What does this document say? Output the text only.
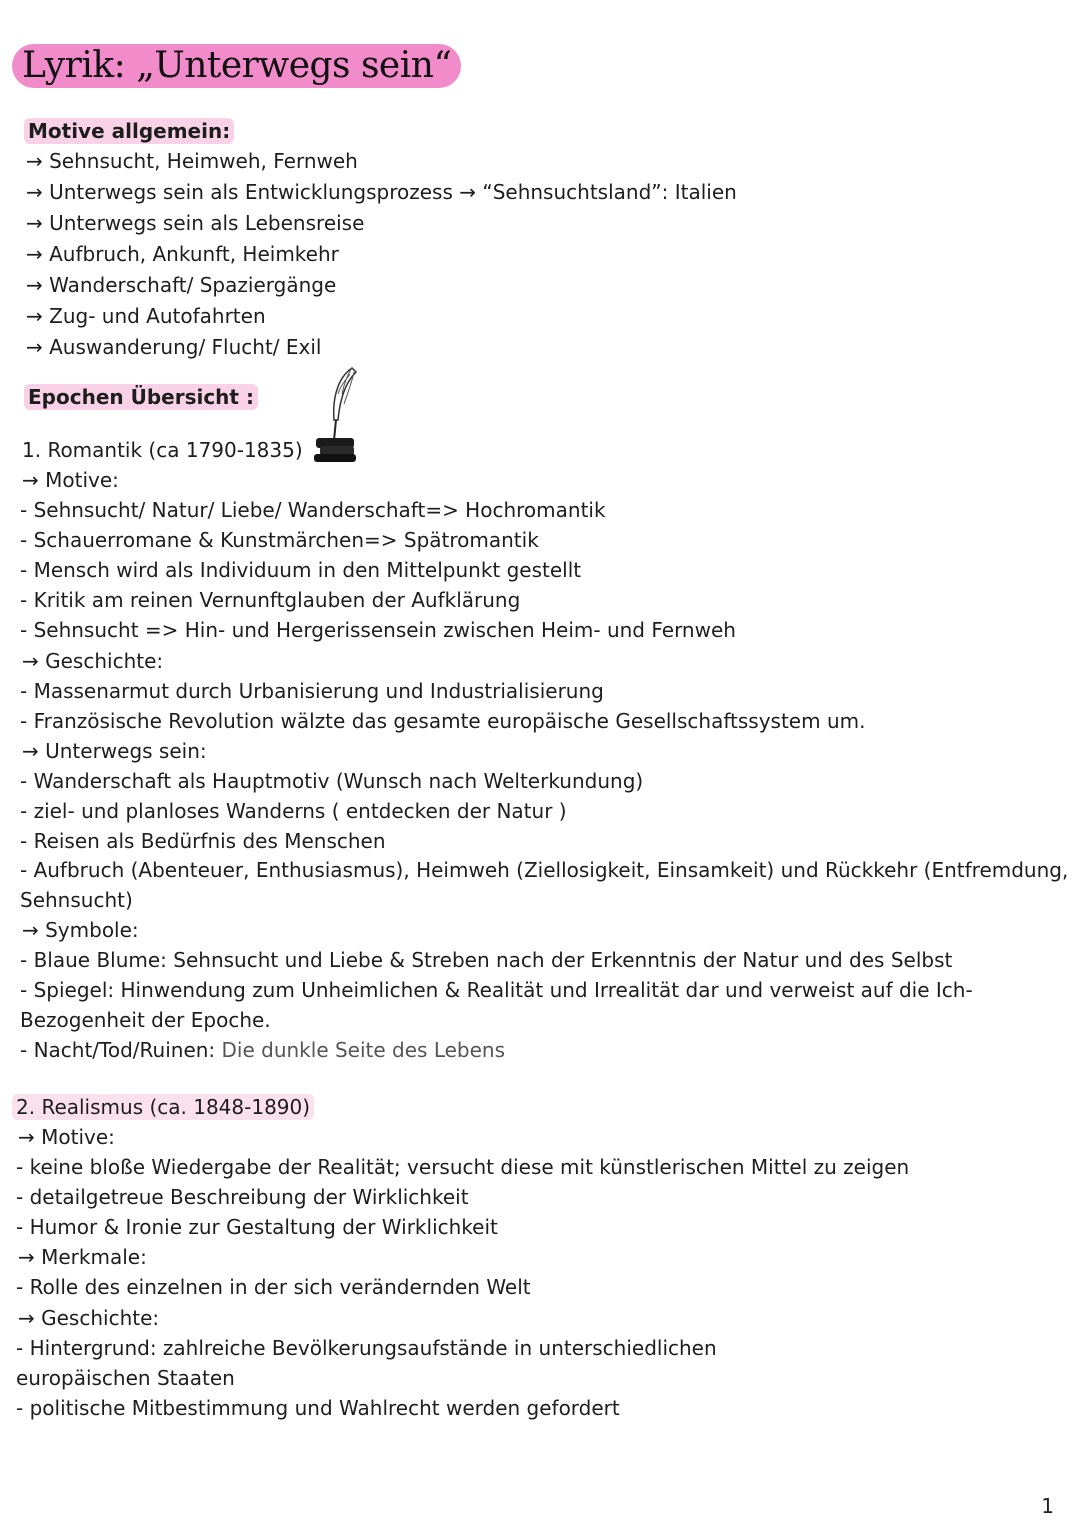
Lyrik: „Unterwegs sein“
Motive allgemein:
→ Sehnsucht, Heimweh, Fernweh
→ Unterwegs sein als Entwicklungsprozess → “Sehnsuchtsland”: Italien
→ Unterwegs sein als Lebensreise
→ Aufbruch, Ankunft, Heimkehr
→ Wanderschaft/ Spaziergänge
→ Zug- und Autofahrten
→ Auswanderung/ Flucht/ Exil
Epochen Übersicht :
1. Romantik (ca 1790-1835)
→ Motive:
- Sehnsucht/ Natur/ Liebe/ Wanderschaft=> Hochromantik
- Schauerromane & Kunstmärchen=> Spätromantik
- Mensch wird als Individuum in den Mittelpunkt gestellt
- Kritik am reinen Vernunftglauben der Aufklärung
- Sehnsucht => Hin- und Hergerissensein zwischen Heim- und Fernweh
→ Geschichte:
- Massenarmut durch Urbanisierung und Industrialisierung
- Französische Revolution wälzte das gesamte europäische Gesellschaftssystem um.
→ Unterwegs sein:
- Wanderschaft als Hauptmotiv (Wunsch nach Welterkundung)
- ziel- und planloses Wanderns ( entdecken der Natur )
- Reisen als Bedürfnis des Menschen
- Aufbruch (Abenteuer, Enthusiasmus), Heimweh (Ziellosigkeit, Einsamkeit) und Rückkehr (Entfremdung,
Sehnsucht)
→ Symbole:
- Blaue Blume: Sehnsucht und Liebe & Streben nach der Erkenntnis der Natur und des Selbst
- Spiegel: Hinwendung zum Unheimlichen & Realität und Irrealität dar und verweist auf die Ich-
Bezogenheit der Epoche.
- Nacht/Tod/Ruinen: Die dunkle Seite des Lebens
2. Realismus (ca. 1848-1890)
→ Motive:
- keine bloße Wiedergabe der Realität; versucht diese mit künstlerischen Mittel zu zeigen
- detailgetreue Beschreibung der Wirklichkeit
- Humor & Ironie zur Gestaltung der Wirklichkeit
→ Merkmale:
- Rolle des einzelnen in der sich verändernden Welt
→ Geschichte:
- Hintergrund: zahlreiche Bevölkerungsaufstände in unterschiedlichen
europäischen Staaten
- politische Mitbestimmung und Wahlrecht werden gefordert
1
